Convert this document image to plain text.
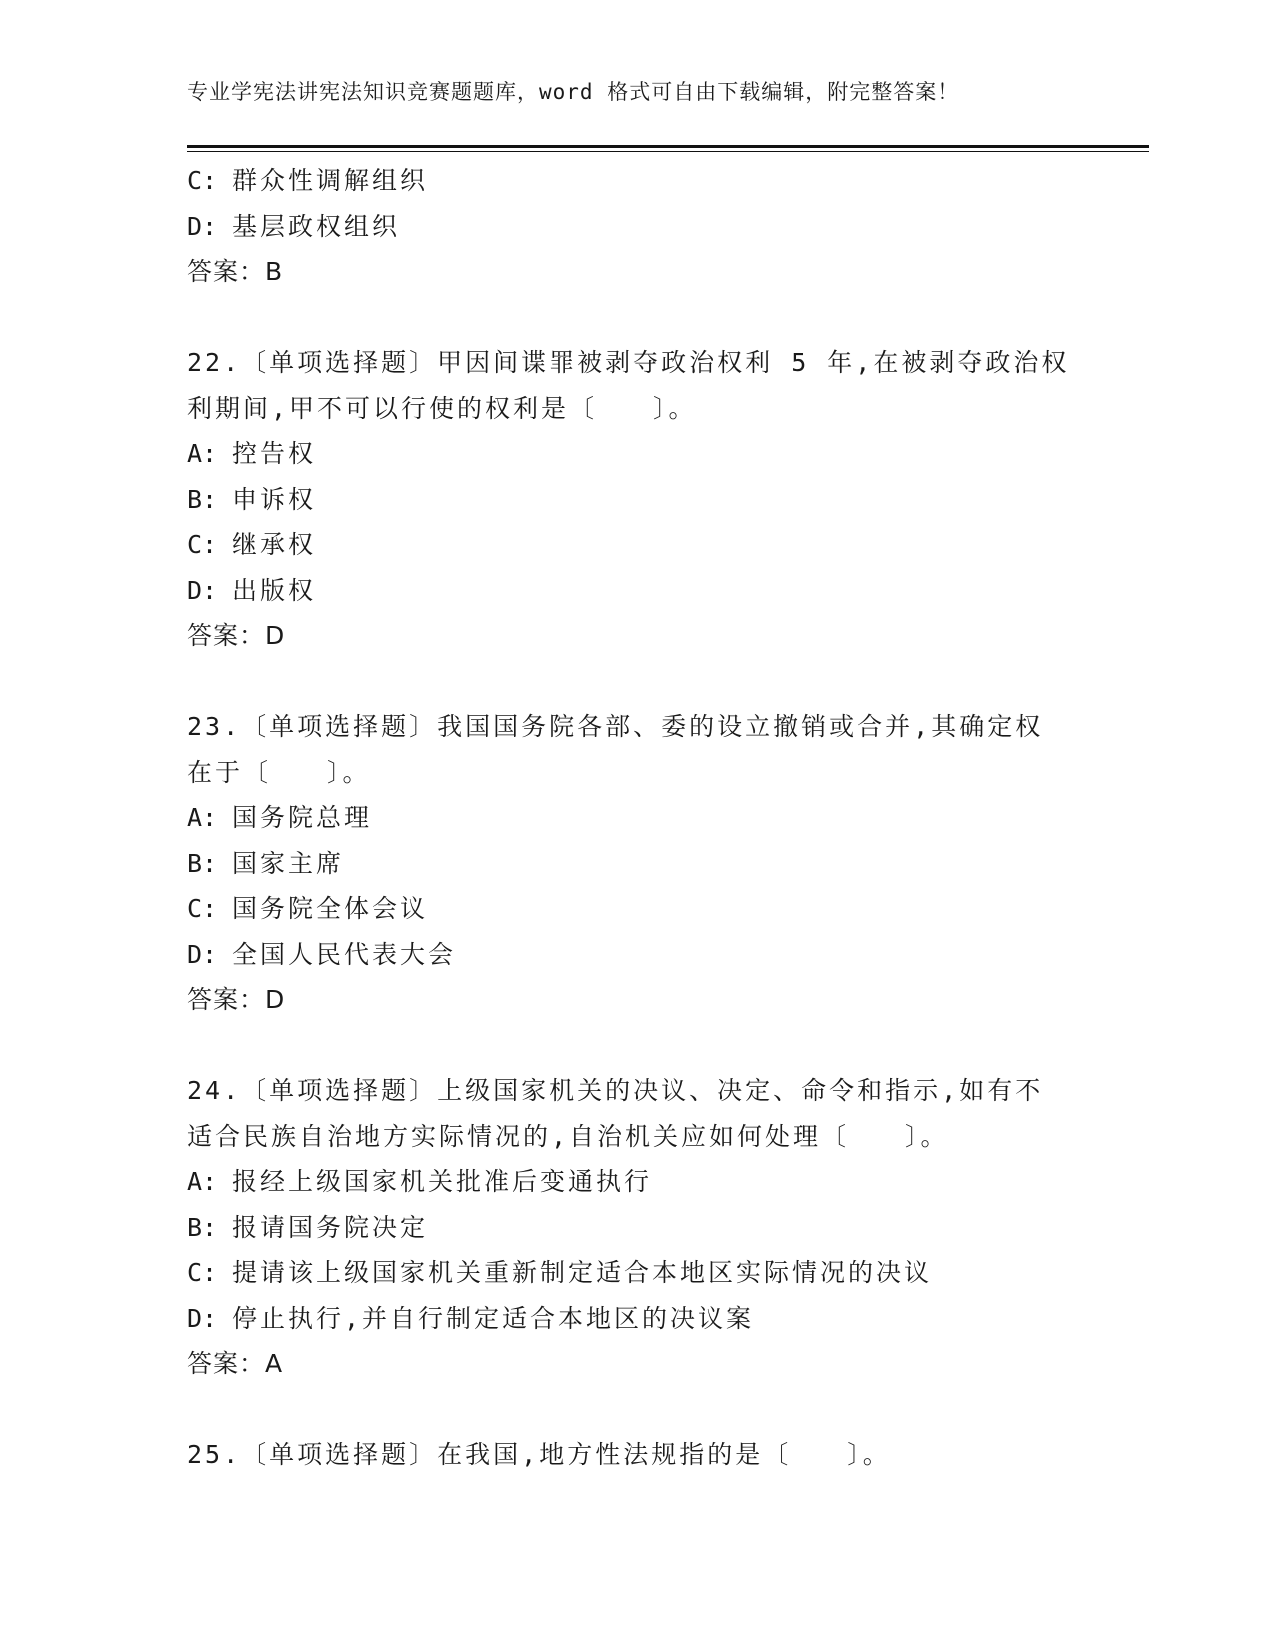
专业学宪法讲宪法知识竞赛题题库，word 格式可自由下载编辑，附完整答案！
C: 群众性调解组织
D: 基层政权组织
答案：B
22.〔单项选择题〕甲因间谍罪被剥夺政治权利 5 年,在被剥夺政治权
利期间,甲不可以行使的权利是〔　　〕。
A: 控告权
B: 申诉权
C: 继承权
D: 出版权
答案：D
23.〔单项选择题〕我国国务院各部、委的设立撤销或合并,其确定权
在于〔　　〕。
A: 国务院总理
B: 国家主席
C: 国务院全体会议
D: 全国人民代表大会
答案：D
24.〔单项选择题〕上级国家机关的决议、决定、命令和指示,如有不
适合民族自治地方实际情况的,自治机关应如何处理〔　　〕。
A: 报经上级国家机关批准后变通执行
B: 报请国务院决定
C: 提请该上级国家机关重新制定适合本地区实际情况的决议
D: 停止执行,并自行制定适合本地区的决议案
答案：A
25.〔单项选择题〕在我国,地方性法规指的是〔　　〕。
